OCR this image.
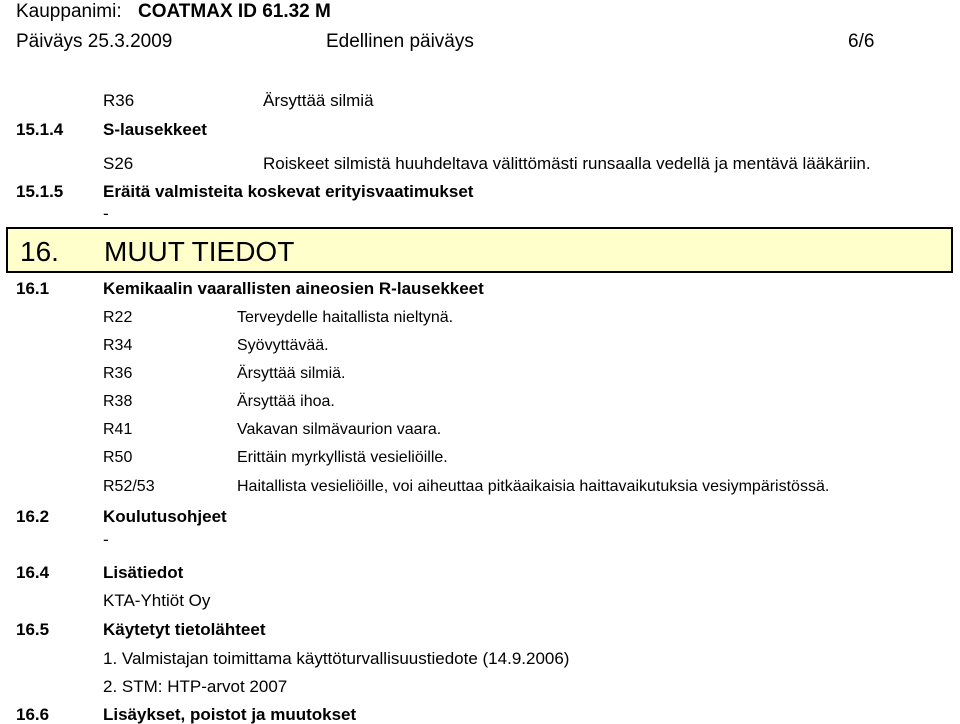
Kauppanimi: COATMAX ID 61.32 M
Päiväys 25.3.2009	Edellinen päiväys	6/6
R36	Ärsyttää silmiä
15.1.4 S-lausekkeet
S26	Roiskeet silmistä huuhdeltava välittömästi runsaalla vedellä ja mentävä lääkäriin.
15.1.5 Eräitä valmisteita koskevat erityisvaatimukset
-
16. MUUT TIEDOT
16.1	Kemikaalin vaarallisten aineosien R-lausekkeet
R22	Terveydelle haitallista nieltynä.
R34	Syövyttävää.
R36	Ärsyttää silmiä.
R38	Ärsyttää ihoa.
R41	Vakavan silmävaurion vaara.
R50	Erittäin myrkyllistä vesieliöille.
R52/53	Haitallista vesieliöille, voi aiheuttaa pitkäaikaisia haittavaikutuksia vesiympäristössä.
16.2	Koulutusohjeet
-
16.4	Lisätiedot
KTA-Yhtiöt Oy
16.5	Käytetyt tietolähteet
1. Valmistajan toimittama käyttöturvallisuustiedote (14.9.2006)
2. STM: HTP-arvot 2007
16.6	Lisäykset, poistot ja muutokset
